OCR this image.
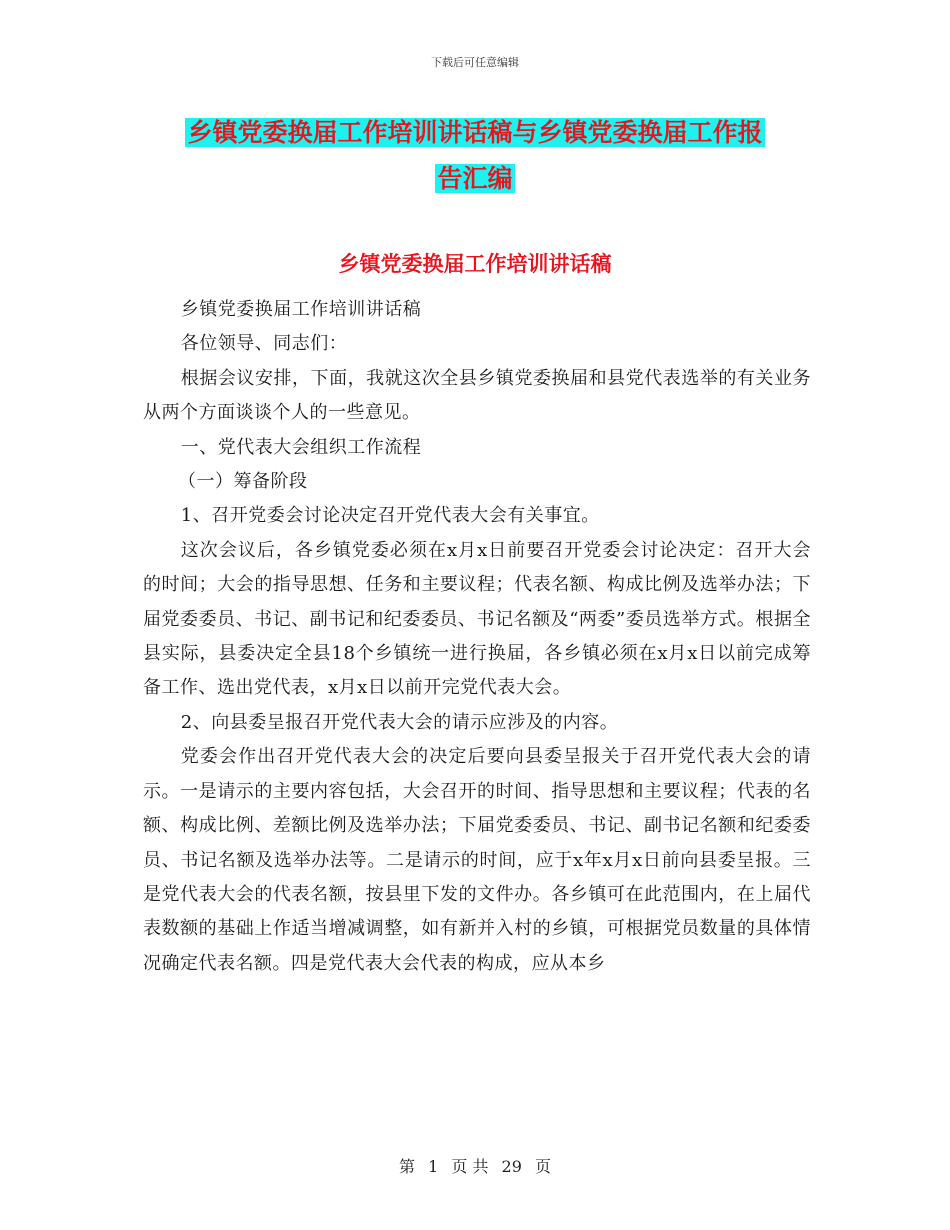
下载后可任意编辑
乡镇党委换届工作培训讲话稿与乡镇党委换届工作报
告汇编
乡镇党委换届工作培训讲话稿

乡镇党委换届工作培训讲话稿

各位领导、同志们：

根据会议安排，下面，我就这次全县乡镇党委换届和县党代表选举的有关业务从两个方面谈谈个人的一些意见。

一、党代表大会组织工作流程

（一）筹备阶段

1、召开党委会讨论决定召开党代表大会有关事宜。

这次会议后，各乡镇党委必须在x月x日前要召开党委会讨论决定：召开大会的时间；大会的指导思想、任务和主要议程；代表名额、构成比例及选举办法；下届党委委员、书记、副书记和纪委委员、书记名额及“两委”委员选举方式。根据全县实际，县委决定全县18个乡镇统一进行换届，各乡镇必须在x月x日以前完成筹备工作、选出党代表，x月x日以前开完党代表大会。

2、向县委呈报召开党代表大会的请示应涉及的内容。

党委会作出召开党代表大会的决定后要向县委呈报关于召开党代表大会的请示。一是请示的主要内容包括，大会召开的时间、指导思想和主要议程；代表的名额、构成比例、差额比例及选举办法；下届党委委员、书记、副书记名额和纪委委员、书记名额及选举办法等。二是请示的时间，应于x年x月x日前向县委呈报。三是党代表大会的代表名额，按县里下发的文件办。各乡镇可在此范围内，在上届代表数额的基础上作适当增减调整，如有新并入村的乡镇，可根据党员数量的具体情况确定代表名额。四是党代表大会代表的构成，应从本乡

第 1 页 共 29 页
